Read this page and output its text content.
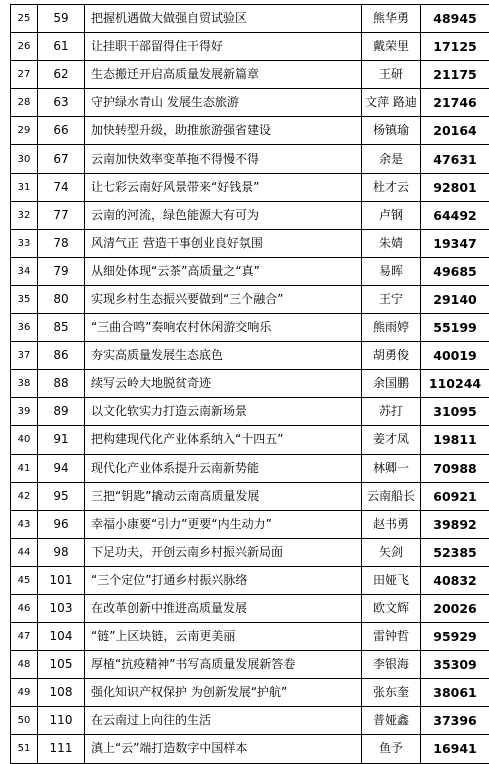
25	59	把握机遇做大做强自贸试验区	熊华勇	48945
26	61	让挂职干部留得住干得好	戴荣里	17125
27	62	生态搬迁开启高质量发展新篇章	王研	21175
28	63	守护绿水青山 发展生态旅游	文萍 路迪	21746
29	66	加快转型升级，助推旅游强省建设	杨镇瑜	20164
30	67	云南加快效率变革拖不得慢不得	余是	47631
31	74	让七彩云南好风景带来“好钱景”	杜才云	92801
32	77	云南的河流，绿色能源大有可为	卢钢	64492
33	78	风清气正 营造干事创业良好氛围	朱婧	19347
34	79	从细处体现“云茶”高质量之“真”	易晖	49685
35	80	实现乡村生态振兴要做到“三个融合”	王宁	29140
36	85	“三曲合鸣”奏响农村休闲游交响乐	熊雨婷	55199
37	86	夯实高质量发展生态底色	胡勇俊	40019
38	88	续写云岭大地脱贫奇迹	余国鹏	110244
39	89	以文化软实力打造云南新场景	苏打	31095
40	91	把构建现代化产业体系纳入“十四五”	姜才凤	19811
41	94	现代化产业体系提升云南新势能	林卿一	70988
42	95	三把“钥匙”撬动云南高质量发展	云南船长	60921
43	96	幸福小康要“引力”更要“内生动力”	赵书勇	39892
44	98	下足功夫，开创云南乡村振兴新局面	矢剑	52385
45	101	“三个定位”打通乡村振兴脉络	田娅飞	40832
46	103	在改革创新中推进高质量发展	欧文辉	20026
47	104	“链”上区块链，云南更美丽	雷钟哲	95929
48	105	厚植“抗疫精神”书写高质量发展新答卷	李银海	35309
49	108	强化知识产权保护 为创新发展“护航”	张东奎	38061
50	110	在云南过上向往的生活	普娅鑫	37396
51	111	滇上“云”端打造数字中国样本	鱼予	16941
